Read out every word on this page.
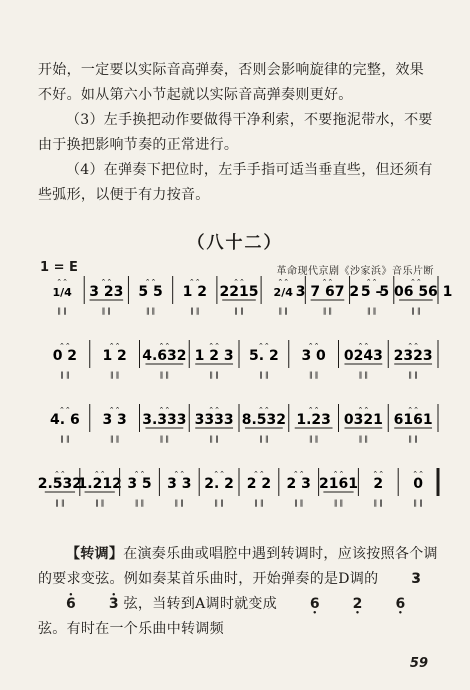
开始，一定要以实际音高弹奏，否则会影响旋律的完整，效果不好。如从第六小节起就以实际音高弹奏则更好。

（3）左手换把动作要做得干净利索，不要拖泥带水，不要由于换把影响节奏的正常进行。

（4）在弹奏下把位时，左手手指可适当垂直些，但还须有些弧形，以便于有力按音。

（八十二）
1 = E	革命现代京剧《沙家浜》音乐片断
⌃⌃
1/4
‖ ‖
⌃⌃
3 23
‖ ‖
⌃⌃
5 5
‖ ‖
⌃⌃
1 2
‖ ‖
⌃⌃
2215
‖ ‖
⌃⌃
2/4
‖ ‖
⌃⌃
3 7 67 2
‖ ‖
⌃⌃
5 –
‖ ‖
⌃⌃
5 06 56 1
‖ ‖
⌃⌃
0 2
‖ ‖
⌃⌃
1 2
‖ ‖
⌃⌃
4.632
‖ ‖
⌃⌃
1 2 3
‖ ‖
⌃⌃
5. 2
‖ ‖
⌃⌃
3 0
‖ ‖
⌃⌃
0243
‖ ‖
⌃⌃
2323
‖ ‖
⌃⌃
4. 6
‖ ‖
⌃⌃
3 3
‖ ‖
⌃⌃
3.333
‖ ‖
⌃⌃
3333
‖ ‖
⌃⌃
8.532
‖ ‖
⌃⌃
1.23
‖ ‖
⌃⌃
0321
‖ ‖
⌃⌃
6161
‖ ‖
⌃⌃
2.532
‖ ‖
⌃⌃
1.212
‖ ‖
⌃⌃
3 5
‖ ‖
⌃⌃
3 3
‖ ‖
⌃⌃
2. 2
‖ ‖
⌃⌃
2 2
‖ ‖
⌃⌃
2 3
‖ ‖
⌃⌃
2161
‖ ‖
⌃⌃
2
‖ ‖
⌃⌃
0
‖ ‖

【转调】在演奏乐曲或唱腔中遇到转调时，应该按照各个调的要求变弦。例如奏某首乐曲时，开始弹奏的是D调的 3 • 6 • 3 • 弦，当转到A调时就变成 6 • 2 • 6 • 弦。有时在一个乐曲中转调频

59
